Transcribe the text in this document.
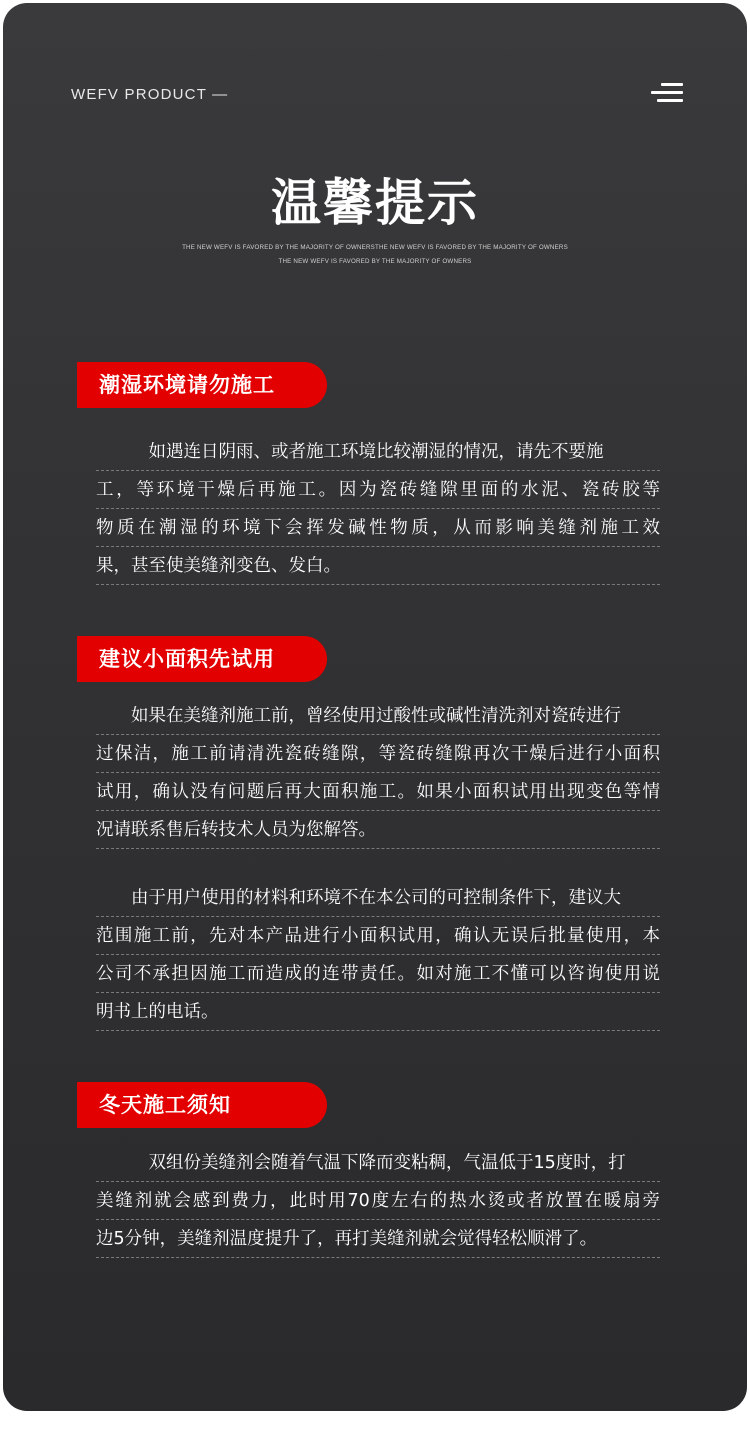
WEFV PRODUCT —
温馨提示
THE NEW WEFV IS FAVORED BY THE MAJORITY OF OWNERSTHE NEW WEFV IS FAVORED BY THE MAJORITY OF OWNERS
THE NEW WEFV IS FAVORED BY THE MAJORITY OF OWNERS
潮湿环境请勿施工
　　　如遇连日阴雨、或者施工环境比较潮湿的情况，请先不要施
工，等环境干燥后再施工。因为瓷砖缝隙里面的水泥、瓷砖胶等
物质在潮湿的环境下会挥发碱性物质，从而影响美缝剂施工效
果，甚至使美缝剂变色、发白。
建议小面积先试用
　　如果在美缝剂施工前，曾经使用过酸性或碱性清洗剂对瓷砖进行
过保洁，施工前请清洗瓷砖缝隙，等瓷砖缝隙再次干燥后进行小面积
试用，确认没有问题后再大面积施工。如果小面积试用出现变色等情
况请联系售后转技术人员为您解答。
　　由于用户使用的材料和环境不在本公司的可控制条件下，建议大
范围施工前，先对本产品进行小面积试用，确认无误后批量使用，本
公司不承担因施工而造成的连带责任。如对施工不懂可以咨询使用说
明书上的电话。
冬天施工须知
　　　双组份美缝剂会随着气温下降而变粘稠，气温低于15度时，打
美缝剂就会感到费力，此时用70度左右的热水烫或者放置在暖扇旁
边5分钟，美缝剂温度提升了，再打美缝剂就会觉得轻松顺滑了。
